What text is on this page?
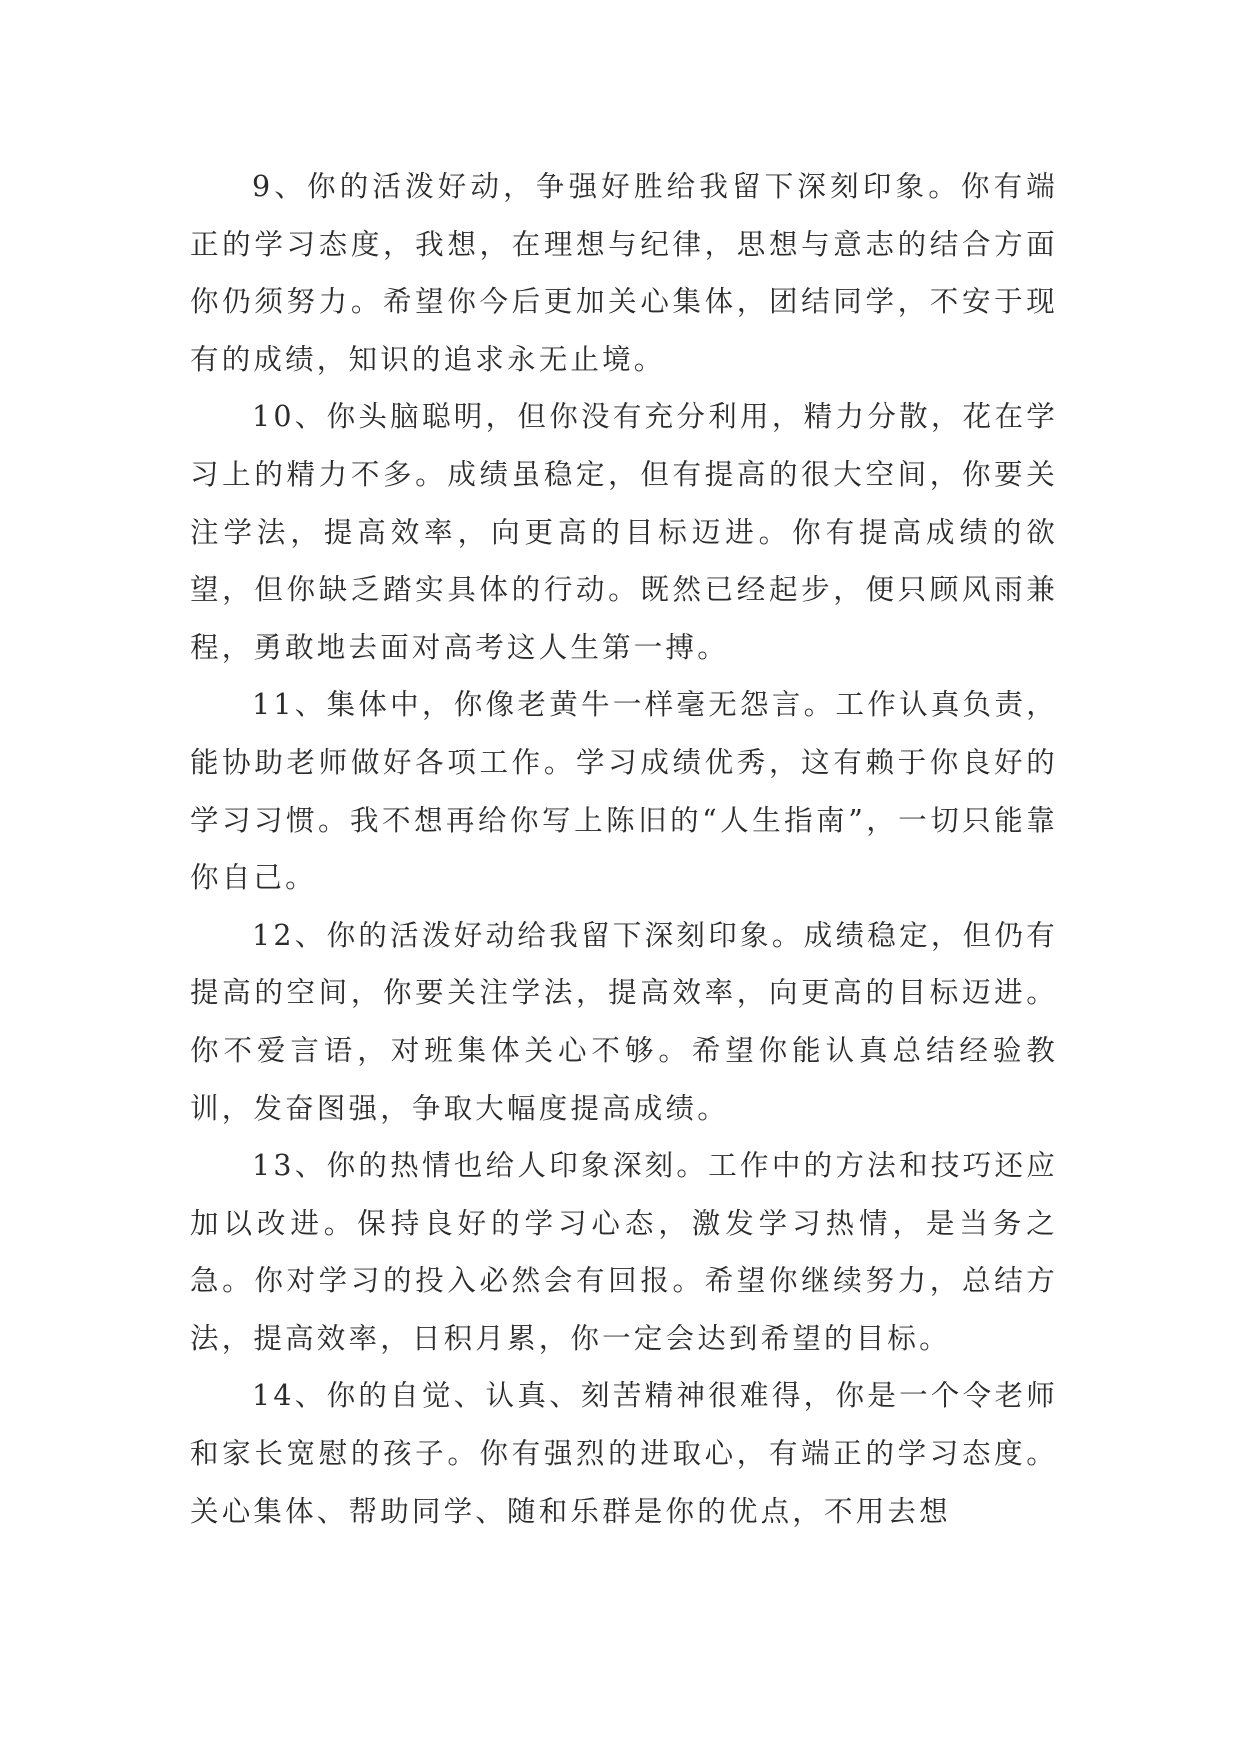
9、你的活泼好动，争强好胜给我留下深刻印象。你有端正的学习态度，我想，在理想与纪律，思想与意志的结合方面你仍须努力。希望你今后更加关心集体，团结同学，不安于现有的成绩，知识的追求永无止境。

10、你头脑聪明，但你没有充分利用，精力分散，花在学习上的精力不多。成绩虽稳定，但有提高的很大空间，你要关注学法，提高效率，向更高的目标迈进。你有提高成绩的欲望，但你缺乏踏实具体的行动。既然已经起步，便只顾风雨兼程，勇敢地去面对高考这人生第一搏。

11、集体中，你像老黄牛一样毫无怨言。工作认真负责，能协助老师做好各项工作。学习成绩优秀，这有赖于你良好的学习习惯。我不想再给你写上陈旧的“人生指南”，一切只能靠你自己。

12、你的活泼好动给我留下深刻印象。成绩稳定，但仍有提高的空间，你要关注学法，提高效率，向更高的目标迈进。你不爱言语，对班集体关心不够。希望你能认真总结经验教训，发奋图强，争取大幅度提高成绩。

13、你的热情也给人印象深刻。工作中的方法和技巧还应加以改进。保持良好的学习心态，激发学习热情，是当务之急。你对学习的投入必然会有回报。希望你继续努力，总结方法，提高效率，日积月累，你一定会达到希望的目标。

14、你的自觉、认真、刻苦精神很难得，你是一个令老师和家长宽慰的孩子。你有强烈的进取心，有端正的学习态度。关心集体、帮助同学、随和乐群是你的优点，不用去想
